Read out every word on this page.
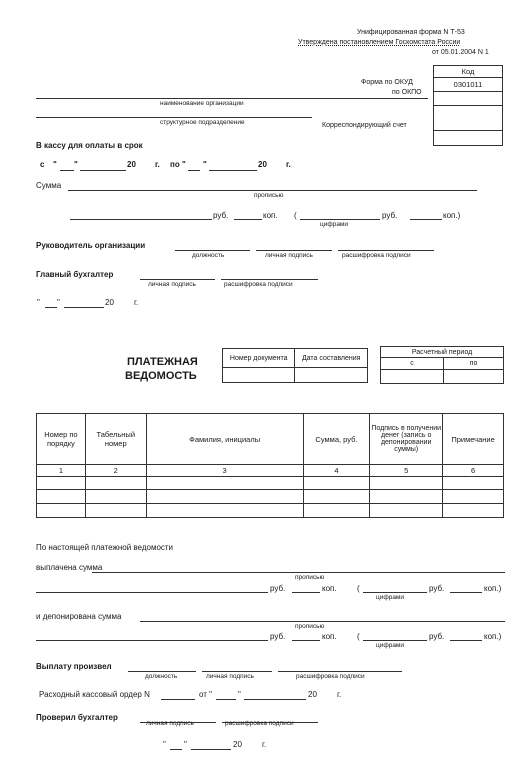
Унифицированная форма N Т-53
Утверждена постановлением Госкомстата России
от 05.01.2004 N 1
Код
0301011

Форма по ОКУД
по ОКПО
Корреспондирующий счет
наименование организации
структурное подразделение
В кассу для оплаты в срок
с " "	20 г. по " "	20 г.
Сумма
прописью
руб.	коп. (	руб.	коп.)
цифрами
Руководитель организации
должность	личная подпись	расшифровка подписи
Главный бухгалтер
личная подпись	расшифровка подписи
" "	20	г.
ПЛАТЕЖНАЯ
ВЕДОМОСТЬ
Номер документа	Дата составления

Расчетный период	
с	по

Номер по порядку	Табельный номер	Фамилия, инициалы	Сумма, руб.	Подпись в получении денег (запись о депонировании суммы)	Примечание
1	2	3	4	5	6

По настоящей платежной ведомости
выплачена сумма
прописью
руб.	коп.	(	руб.	коп.)
цифрами
и депонирована сумма
прописью
руб.	коп.	(	руб.	коп.)
цифрами
Выплату произвел
должность	личная подпись	расшифровка подписи
Расходный кассовый ордер N	от "	"	20	г.
Проверил бухгалтер
личная подпись	расшифровка подписи
" "	20	г.
